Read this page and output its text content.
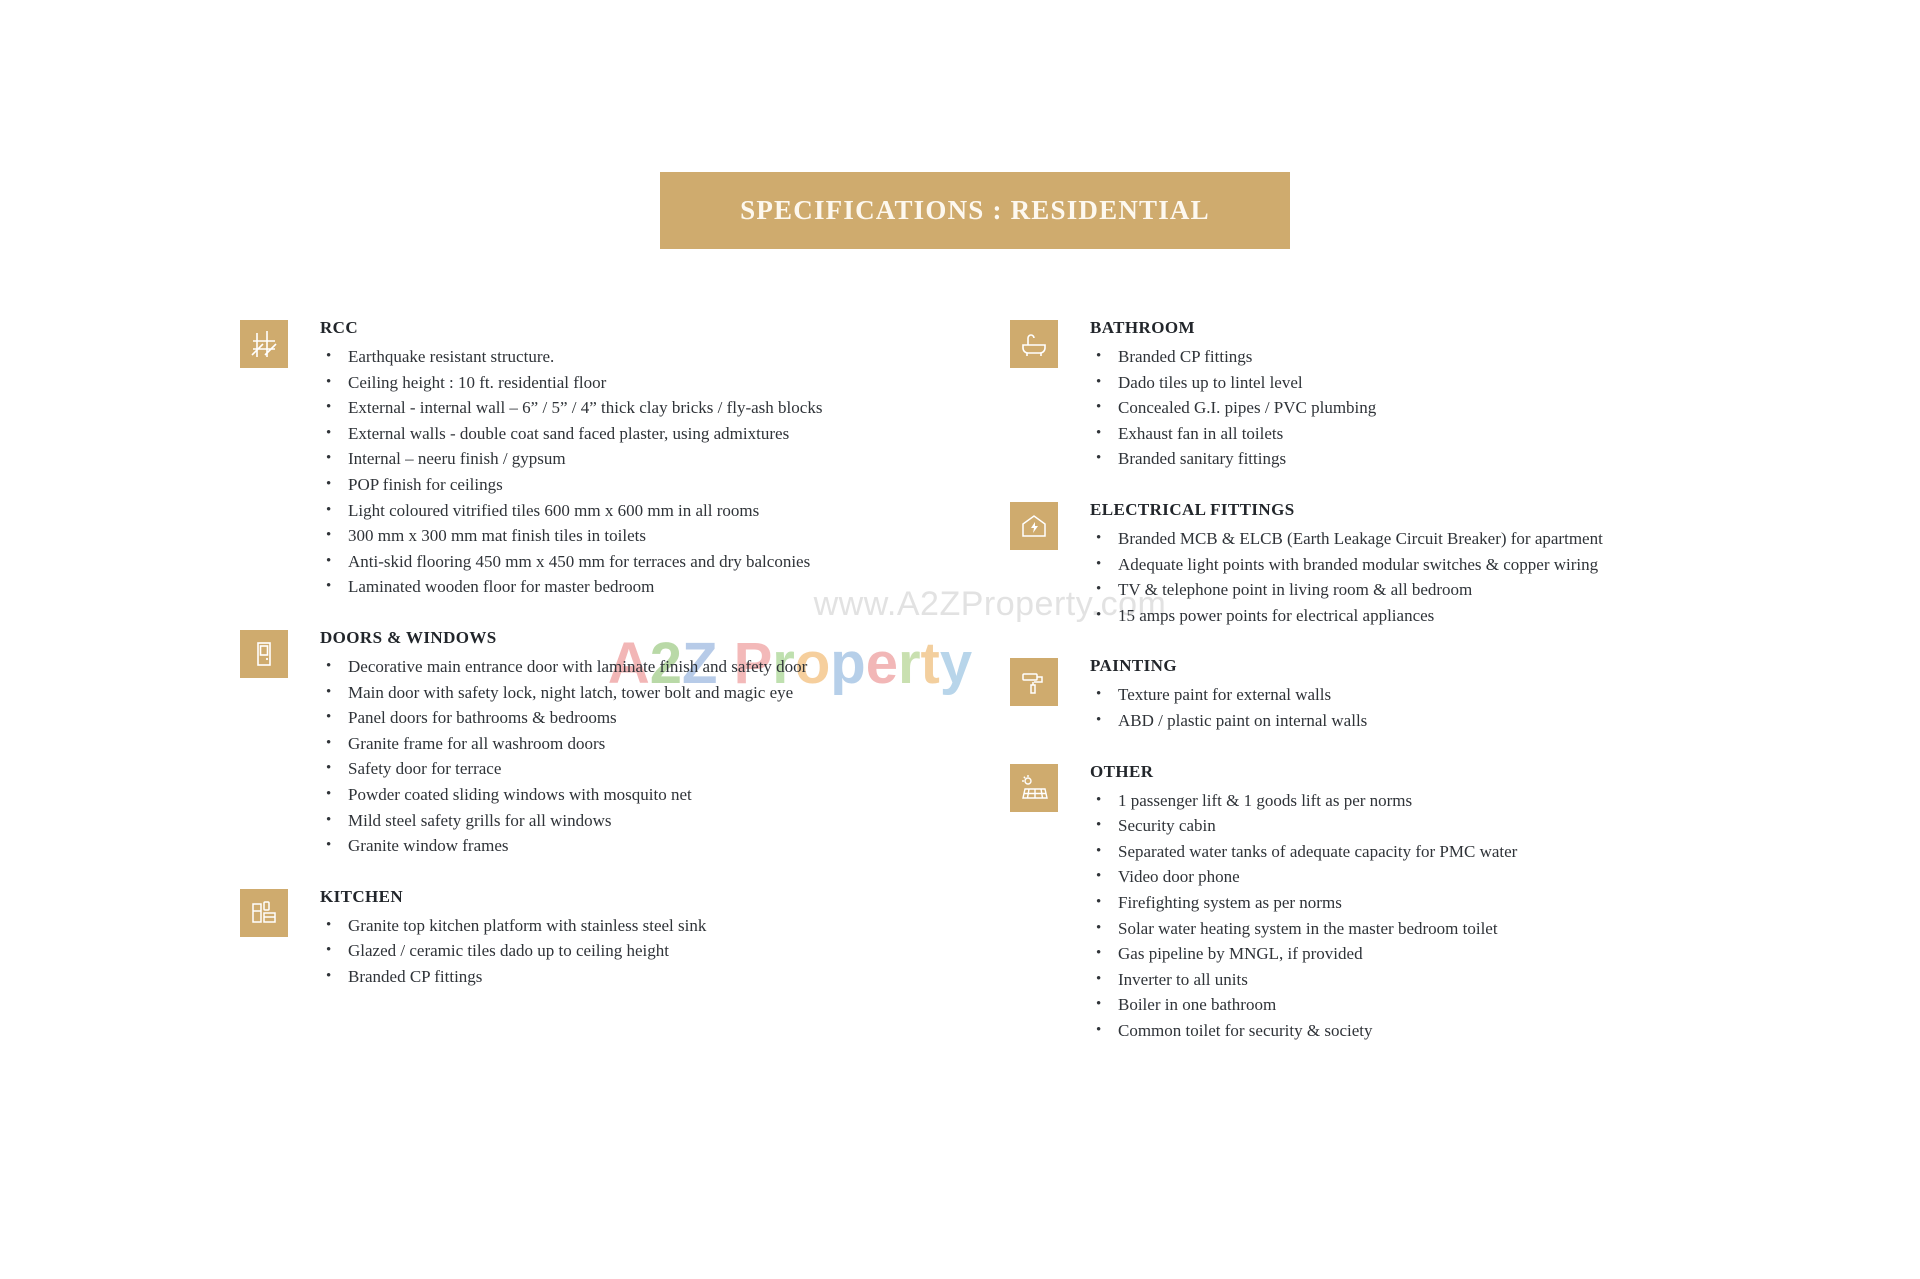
SPECIFICATIONS : RESIDENTIAL
www.A2ZProperty.com
A2Z Property
RCC
• Earthquake resistant structure.
• Ceiling height : 10 ft. residential floor
• External - internal wall – 6” / 5” / 4” thick clay bricks / fly-ash blocks
• External walls - double coat sand faced plaster, using admixtures
• Internal – neeru finish / gypsum
• POP finish for ceilings
• Light coloured vitrified tiles 600 mm x 600 mm in all rooms
• 300 mm x 300 mm mat finish tiles in toilets
• Anti-skid flooring 450 mm x 450 mm for terraces and dry balconies
• Laminated wooden floor for master bedroom
DOORS & WINDOWS
• Decorative main entrance door with laminate finish and safety door
• Main door with safety lock, night latch, tower bolt and magic eye
• Panel doors for bathrooms & bedrooms
• Granite frame for all washroom doors
• Safety door for terrace
• Powder coated sliding windows with mosquito net
• Mild steel safety grills for all windows
• Granite window frames
KITCHEN
• Granite top kitchen platform with stainless steel sink
• Glazed / ceramic tiles dado up to ceiling height
• Branded CP fittings
BATHROOM
• Branded CP fittings
• Dado tiles up to lintel level
• Concealed G.I. pipes / PVC plumbing
• Exhaust fan in all toilets
• Branded sanitary fittings
ELECTRICAL FITTINGS
• Branded MCB & ELCB (Earth Leakage Circuit Breaker) for apartment
• Adequate light points with branded modular switches & copper wiring
• TV & telephone point in living room & all bedroom
• 15 amps power points for electrical appliances
PAINTING
• Texture paint for external walls
• ABD / plastic paint on internal walls
OTHER
• 1 passenger lift & 1 goods lift as per norms
• Security cabin
• Separated water tanks of adequate capacity for PMC water
• Video door phone
• Firefighting system as per norms
• Solar water heating system in the master bedroom toilet
• Gas pipeline by MNGL, if provided
• Inverter to all units
• Boiler in one bathroom
• Common toilet for security & society
